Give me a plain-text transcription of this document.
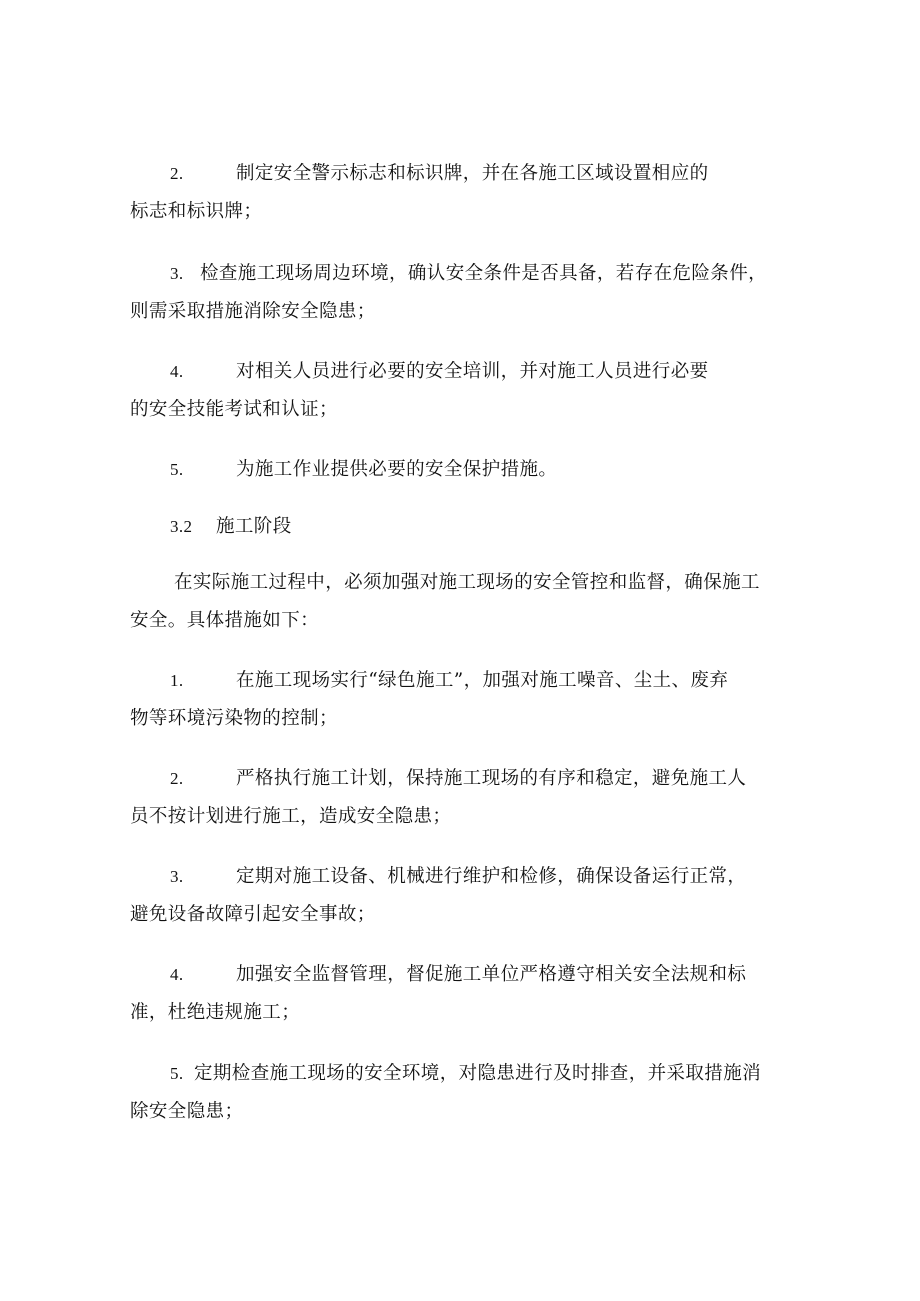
2.	制定安全警示标志和标识牌，并在各施工区域设置相应的
标志和标识牌；
3. 检查施工现场周边环境，确认安全条件是否具备，若存在危险条件，
则需采取措施消除安全隐患；
4.	对相关人员进行必要的安全培训，并对施工人员进行必要
的安全技能考试和认证；
5.	为施工作业提供必要的安全保护措施。
3.2 施工阶段
在实际施工过程中，必须加强对施工现场的安全管控和监督，确保施工
安全。具体措施如下：
1.	在施工现场实行“绿色施工”，加强对施工噪音、尘土、废弃
物等环境污染物的控制；
2.	严格执行施工计划，保持施工现场的有序和稳定，避免施工人
员不按计划进行施工，造成安全隐患；
3.	定期对施工设备、机械进行维护和检修，确保设备运行正常，
避免设备故障引起安全事故；
4.	加强安全监督管理，督促施工单位严格遵守相关安全法规和标
准，杜绝违规施工；
5. 定期检查施工现场的安全环境，对隐患进行及时排查，并采取措施消
除安全隐患；
